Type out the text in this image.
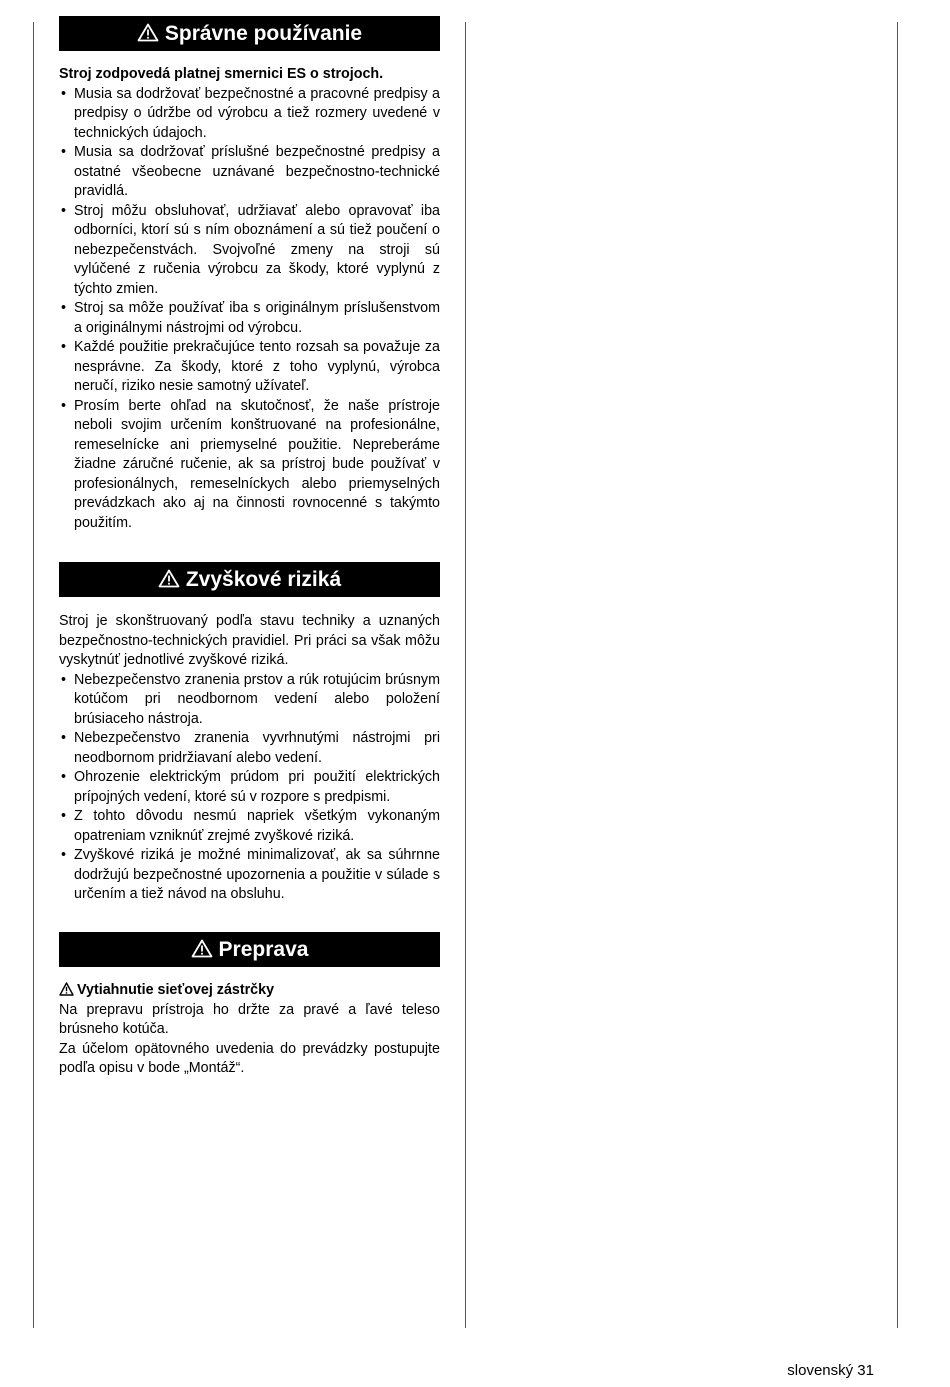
Správne používanie

Stroj zodpovedá platnej smernici ES o strojoch.

• Musia sa dodržovať bezpečnostné a pracovné predpisy a predpisy o údržbe od výrobcu a tiež rozmery uvedené v technických údajoch.
• Musia sa dodržovať príslušné bezpečnostné predpisy a ostatné všeobecne uznávané bezpečnostno-technické pravidlá.
• Stroj môžu obsluhovať, udržiavať alebo opravovať iba odborníci, ktorí sú s ním oboznámení a sú tiež poučení o nebezpečenstvách. Svojvoľné zmeny na stroji sú vylúčené z ručenia výrobcu za škody, ktoré vyplynú z týchto zmien.
• Stroj sa môže používať iba s originálnym príslušenstvom a originálnymi nástrojmi od výrobcu.
• Každé použitie prekračujúce tento rozsah sa považuje za nesprávne. Za škody, ktoré z toho vyplynú, výrobca neručí, riziko nesie samotný užívateľ.
• Prosím berte ohľad na skutočnosť, že naše prístroje neboli svojim určením konštruované na profesionálne, remeselnícke ani priemyselné použitie. Nepreberáme žiadne záručné ručenie, ak sa prístroj bude používať v profesionálnych, remeselníckych alebo priemyselných prevádzkach ako aj na činnosti rovnocenné s takýmto použitím.
Zvyškové riziká

Stroj je skonštruovaný podľa stavu techniky a uznaných bezpečnostno-technických pravidiel. Pri práci sa však môžu vyskytnúť jednotlivé zvyškové riziká.

• Nebezpečenstvo zranenia prstov a rúk rotujúcim brúsnym kotúčom pri neodbornom vedení alebo položení brúsiaceho nástroja.
• Nebezpečenstvo zranenia vyvrhnutými nástrojmi pri neodbornom pridržiavaní alebo vedení.
• Ohrozenie elektrickým prúdom pri použití elektrických prípojných vedení, ktoré sú v rozpore s predpismi.
• Z tohto dôvodu nesmú napriek všetkým vykonaným opatreniam vzniknúť zrejmé zvyškové riziká.
• Zvyškové riziká je možné minimalizovať, ak sa súhrnne dodržujú bezpečnostné upozornenia a použitie v súlade s určením a tiež návod na obsluhu.
Preprava

Vytiahnutie sieťovej zástrčky

Na prepravu prístroja ho držte za pravé a ľavé teleso brúsneho kotúča.

Za účelom opätovného uvedenia do prevádzky postupujte podľa opisu v bode „Montáž“.

slovenský 31
